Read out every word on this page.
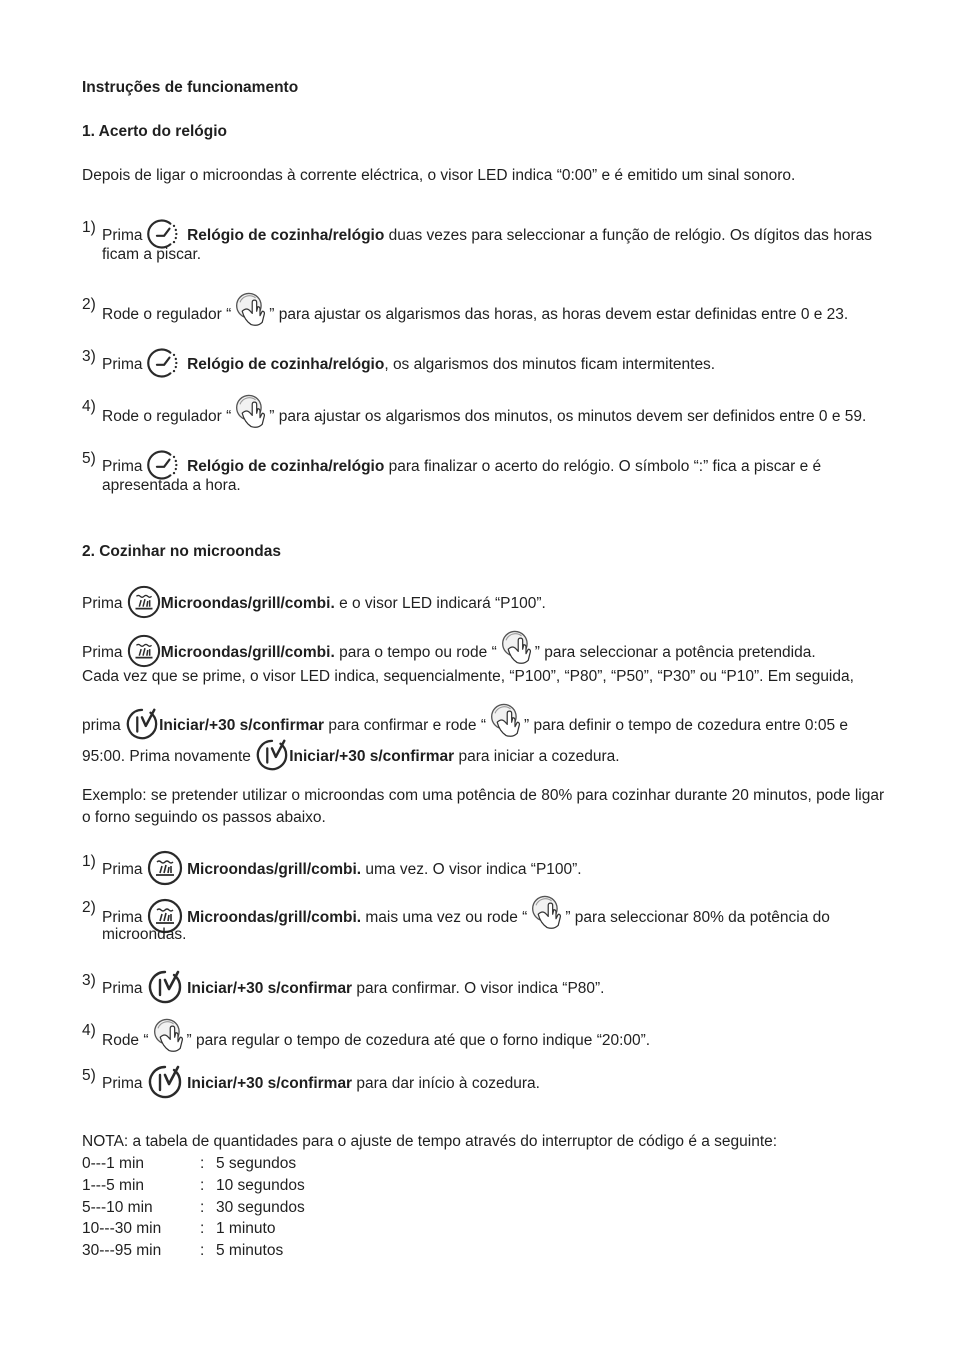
Instruções de funcionamento
1. Acerto do relógio
Depois de ligar o microondas à corrente eléctrica, o visor LED indica “0:00” e é emitido um sinal sonoro.
1) Prima	Relógio de cozinha/relógio duas vezes para seleccionar a função de relógio. Os dígitos das horas
ficam a piscar.
2)
Rode o regulador “ ” para ajustar os algarismos das horas, as horas devem estar definidas entre 0 e 23.
3) Prima	Relógio de cozinha/relógio, os algarismos dos minutos ficam intermitentes.
4)
Rode o regulador “ ” para ajustar os algarismos dos minutos, os minutos devem ser definidos entre 0 e 59.
5) Prima	Relógio de cozinha/relógio para finalizar o acerto do relógio. O símbolo “:” fica a piscar e é
apresentada a hora.
2. Cozinhar no microondas
Prima Microondas/grill/combi. e o visor LED indicará “P100”.
Prima Microondas/grill/combi. para o tempo ou rode “ ” para seleccionar a potência pretendida.
Cada vez que se prime, o visor LED indica, sequencialmente, “P100”, “P80”, “P50”, “P30” ou “P10”. Em seguida,
prima Iniciar/+30 s/confirmar para confirmar e rode “ ” para definir o tempo de cozedura entre 0:05 e
95:00. Prima novamente Iniciar/+30 s/confirmar para iniciar a cozedura.
Exemplo: se pretender utilizar o microondas com uma potência de 80% para cozinhar durante 20 minutos, pode ligar
o forno seguindo os passos abaixo.
1) Prima	Microondas/grill/combi. uma vez. O visor indica “P100”.
2)
Prima	Microondas/grill/combi. mais uma vez ou rode “ ” para seleccionar 80% da potência do
microondas.
3) Prima	Iniciar/+30 s/confirmar para confirmar. O visor indica “P80”.
4)
Rode “ ” para regular o tempo de cozedura até que o forno indique “20:00”.
5) Prima	Iniciar/+30 s/confirmar para dar início à cozedura.
NOTA: a tabela de quantidades para o ajuste de tempo através do interruptor de código é a seguinte:
0---1 min	: 5 segundos
1---5 min	: 10 segundos
5---10 min	: 30 segundos
10---30 min	: 1 minuto
30---95 min	: 5 minutos
